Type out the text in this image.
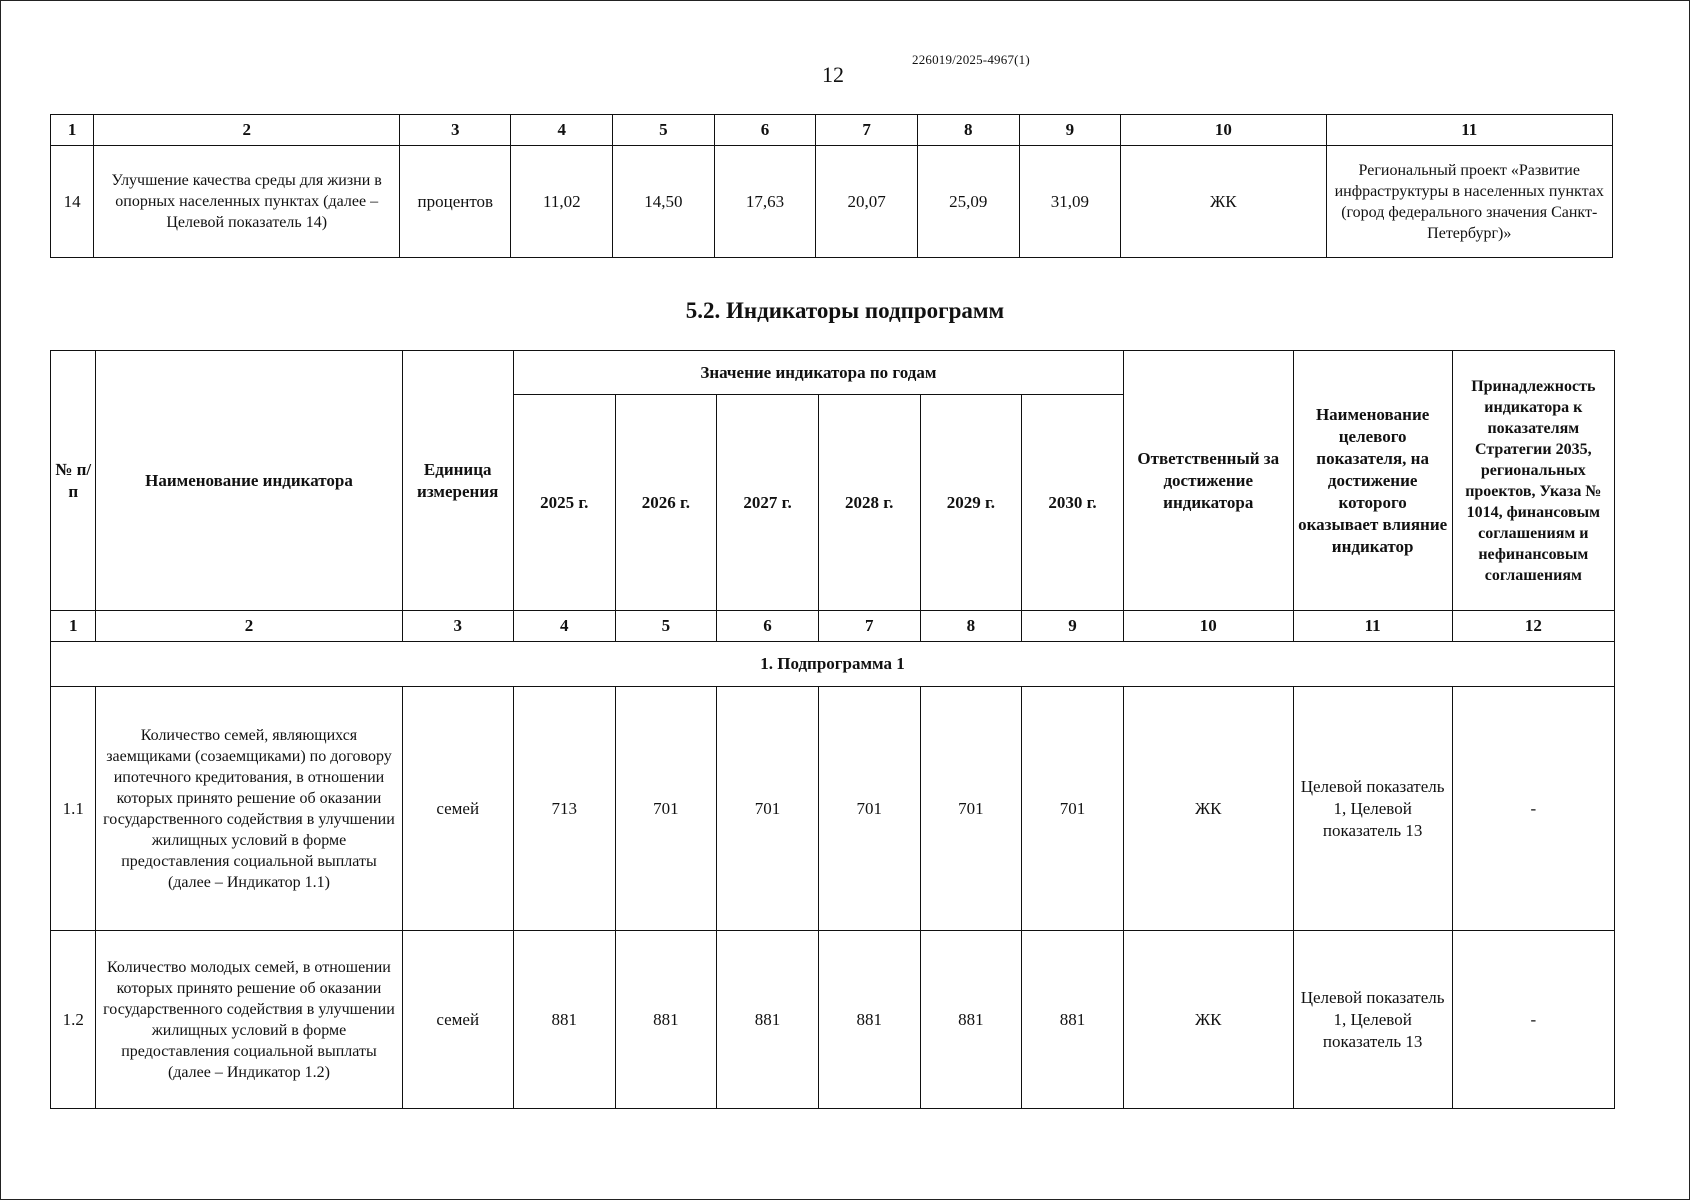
12
226019/2025-4967(1)
1	2	3	4	5	6	7	8	9	10	11
14	Улучшение качества среды для жизни в опорных населенных пунктах (далее – Целевой показатель 14)	процентов	11,02	14,50	17,63	20,07	25,09	31,09	ЖК	Региональный проект «Развитие инфраструктуры в населенных пунктах (город федерального значения Санкт-Петербург)»
5.2. Индикаторы подпрограмм
№ п/п	Наименование индикатора	Единица измерения	Значение индикатора по годам						Ответственный за достижение индикатора	Наименование целевого показателя, на достижение которого оказывает влияние индикатор	Принадлежность индикатора к показателям Стратегии 2035, региональных проектов, Указа № 1014, финансовым соглашениям и нефинансовым соглашениям
			2025 г.	2026 г.	2027 г.	2028 г.	2029 г.	2030 г.			
1	2	3	4	5	6	7	8	9	10	11	12
1. Подпрограмма 1											
1.1	Количество семей, являющихся заемщиками (созаемщиками) по договору ипотечного кредитования, в отношении которых принято решение об оказании государственного содействия в улучшении жилищных условий в форме предоставления социальной выплаты (далее – Индикатор 1.1)	семей	713	701	701	701	701	701	ЖК	Целевой показатель 1, Целевой показатель 13	-
1.2	Количество молодых семей, в отношении которых принято решение об оказании государственного содействия в улучшении жилищных условий в форме предоставления социальной выплаты (далее – Индикатор 1.2)	семей	881	881	881	881	881	881	ЖК	Целевой показатель 1, Целевой показатель 13	-
